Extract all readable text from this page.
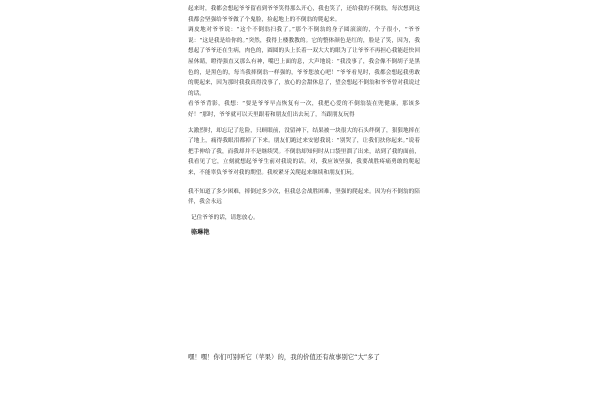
起来时，我都会想起爷爷留看到爷爷笑得那么开心，我也笑了，还给我的不倒翁，每次想到这我都会坚强给爷爷做了个鬼脸，捡起地上的不倒翁的爬起来。

调皮地对爷爷说：“这个不倒翁扫我了。”那个不倒翁的身子圆滚滚的，个子很小，“爷爷说：“这是我是给你的。”突然，我得上楼教教的。它的整体颜色是红的，脸是了笑，因为，我想起了爷爷还在生病，肉色的，圆圆的头上长着一双大大的眼为了让爷爷不再担心我能赶快回屋休睛，瞪得强直又那么有神，嘴巴上面的息，大声地说：“我没事了，我会像不倒胡子是黑色的，是黑色的，每当我摔倒翁一样强的，爷爷您放心吧！”爷爷看见时，我都会想起我勇敢的爬起来，因为那时我我真得没事了，放心的会甜休息了，望会想起不倒翁和爷爷曾对我说过的话。

看爷爷背影，我想：“要是爷爷早点恢复有一次，我把心爱的不倒翁装在兜健康，那该多好！”那时，爷爷就可以天里跟着和朋友们出去玩了，当跟朋友玩得

太激烈时，却忘记了危险，只顾眼前，没留神下，结果被一块很大的石头绊倒了，狠狠地摔在了地上，痛得我眼泪都掉了下来。朋友们跑过来安慰我说：“别哭了，让我们扶你起来。”说着把手伸给了我，而我却并不是继续哭。不倒翁却知何时从口袋里溜了出来，站到了我的面前，我看见了它，立刻就想起爷爷生前对我说的话。对，我应该坚强，我要战胜疼痛勇敢的爬起来，不能辜负爷爷对我的期望。我咬紧牙关爬起来继续和朋友们玩。

我不知道了多少困难，摔倒过多少次，但我总会战胜困难，坚强的爬起来。因为有不倒翁的陪伴，我会永远

记住爷爷的话，请您放心。

骆琳艳

嘿！嘿！你们可别听它（苹果）的，我的价值还有故事别它“大”多了
